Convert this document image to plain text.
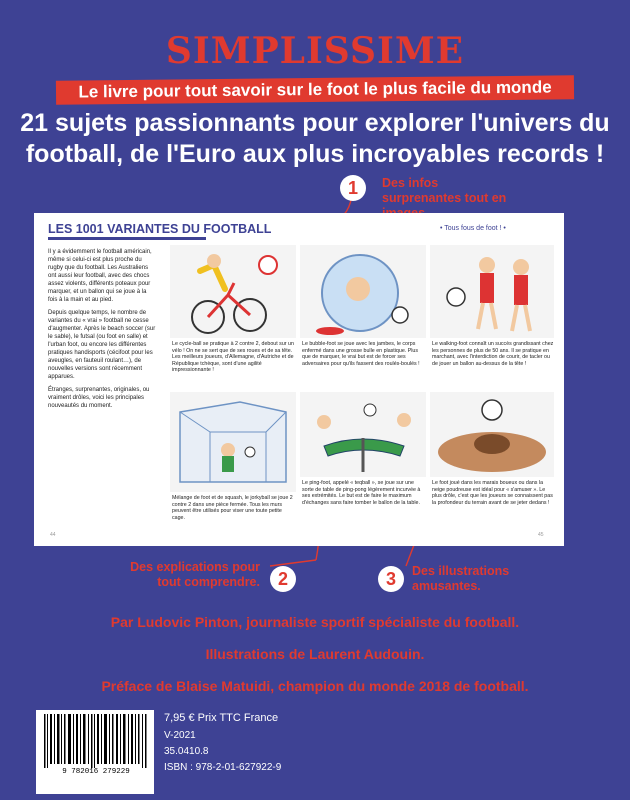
SIMPLISSIME
Le livre pour tout savoir sur le foot le plus facile du monde
21 sujets passionnants pour explorer l'univers du football, de l'Euro aux plus incroyables records !
1	Des infos surprenantes tout en
LES 1001 VARIANTES DU FOOTBALL	• Tous fous de foot ! •

Il y a évidemment le football américain, même si celui-ci est plus proche du rugby que du football. Les Australiens ont aussi leur football, avec des chocs assez violents, différents poteaux pour marquer, et un ballon qui se joue à la fois à la main et au pied.

Depuis quelque temps, le nombre de variantes du « vrai » football ne cesse d'augmenter. Après le beach soccer (sur le sable), le futsal (ou foot en salle) et l'urban foot, ou encore les différentes pratiques handisports (cécifoot pour les aveugles, en fauteuil roulant…), de nouvelles versions sont récemment apparues.

Étranges, surprenantes, originales, ou vraiment drôles, voici les principales nouveautés du moment.

Le cycle-ball se pratique à 2 contre 2, debout sur un vélo ! On ne se sert que de ses roues et de sa tête. Les meilleurs joueurs, d'Allemagne, d'Autriche et de République tchèque, sont d'une agilité impressionnante !
Le bubble-foot se joue avec les jambes, le corps enfermé dans une grosse bulle en plastique. Plus que de marquer, le vrai but est de forcer ses adversaires pour qu'ils fassent des roulés-boulés !
Le walking-foot connaît un succès grandissant chez les personnes de plus de 50 ans. Il se pratique en marchant, avec l'interdiction de courir, de tacler ou de jouer un ballon au-dessus de la tête !
Mélange de foot et de squash, le jorkyball se joue 2 contre 2 dans une pièce fermée. Tous les murs peuvent être utilisés pour viser une toute petite cage.
Le ping-foot, appelé « teqball », se joue sur une sorte de table de ping-pong légèrement incurvée à ses extrémités. Le but est de faire le maximum d'échanges sans faire tomber le ballon de la table.
Le foot joué dans les marais boueux ou dans la neige poudreuse est idéal pour « s'amuser ». Le plus drôle, c'est que les joueurs se connaissent pas la profondeur du terrain avant de se jeter dedans !
44	45
Des explications pour tout comprendre. 2	3	Des illustrations amusantes.
Par Ludovic Pinton, journaliste sportif spécialiste du football.
Illustrations de Laurent Audouin.
Préface de Blaise Matuidi, champion du monde 2018 de football.
9 782016 279229
7,95 € Prix TTC France
V-2021
35.0410.8
ISBN : 978-2-01-627922-9
